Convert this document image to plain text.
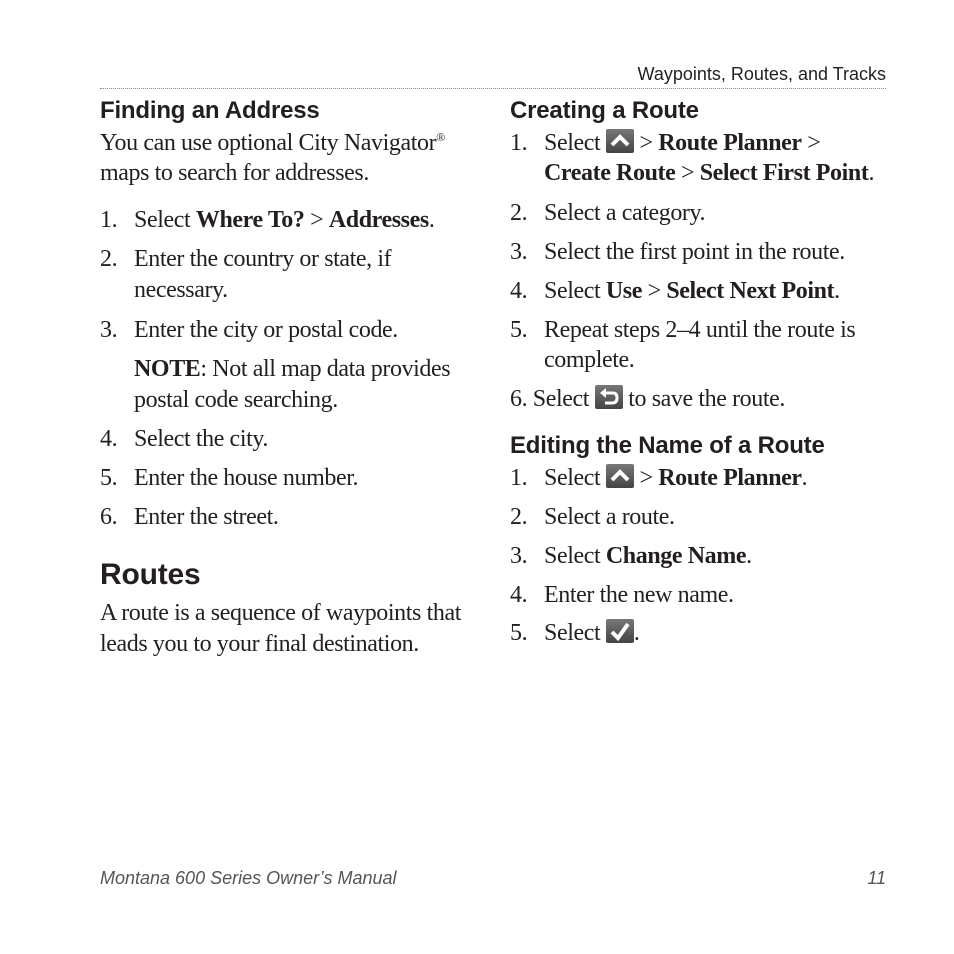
Waypoints, Routes, and Tracks
Finding an Address
You can use optional City Navigator®
maps to search for addresses.
1. Select Where To? > Addresses.
2. Enter the country or state, if
necessary.
3. Enter the city or postal code.
NOTE: Not all map data provides
postal code searching.
4. Select the city.
5. Enter the house number.
6. Enter the street.
Routes
A route is a sequence of waypoints that
leads you to your final destination.
Creating a Route
1. Select
> Route Planner >
Create Route > Select First Point.
2. Select a category.
3. Select the first point in the route.
4. Select Use > Select Next Point.
5. Repeat steps 2–4 until the route is
complete.
6. Select
to save the route.
Editing the Name of a Route
1. Select
> Route Planner.
2. Select a route.
3. Select Change Name.
4. Enter the new name.
5. Select
.
Montana 600 Series Owner’s Manual	11
